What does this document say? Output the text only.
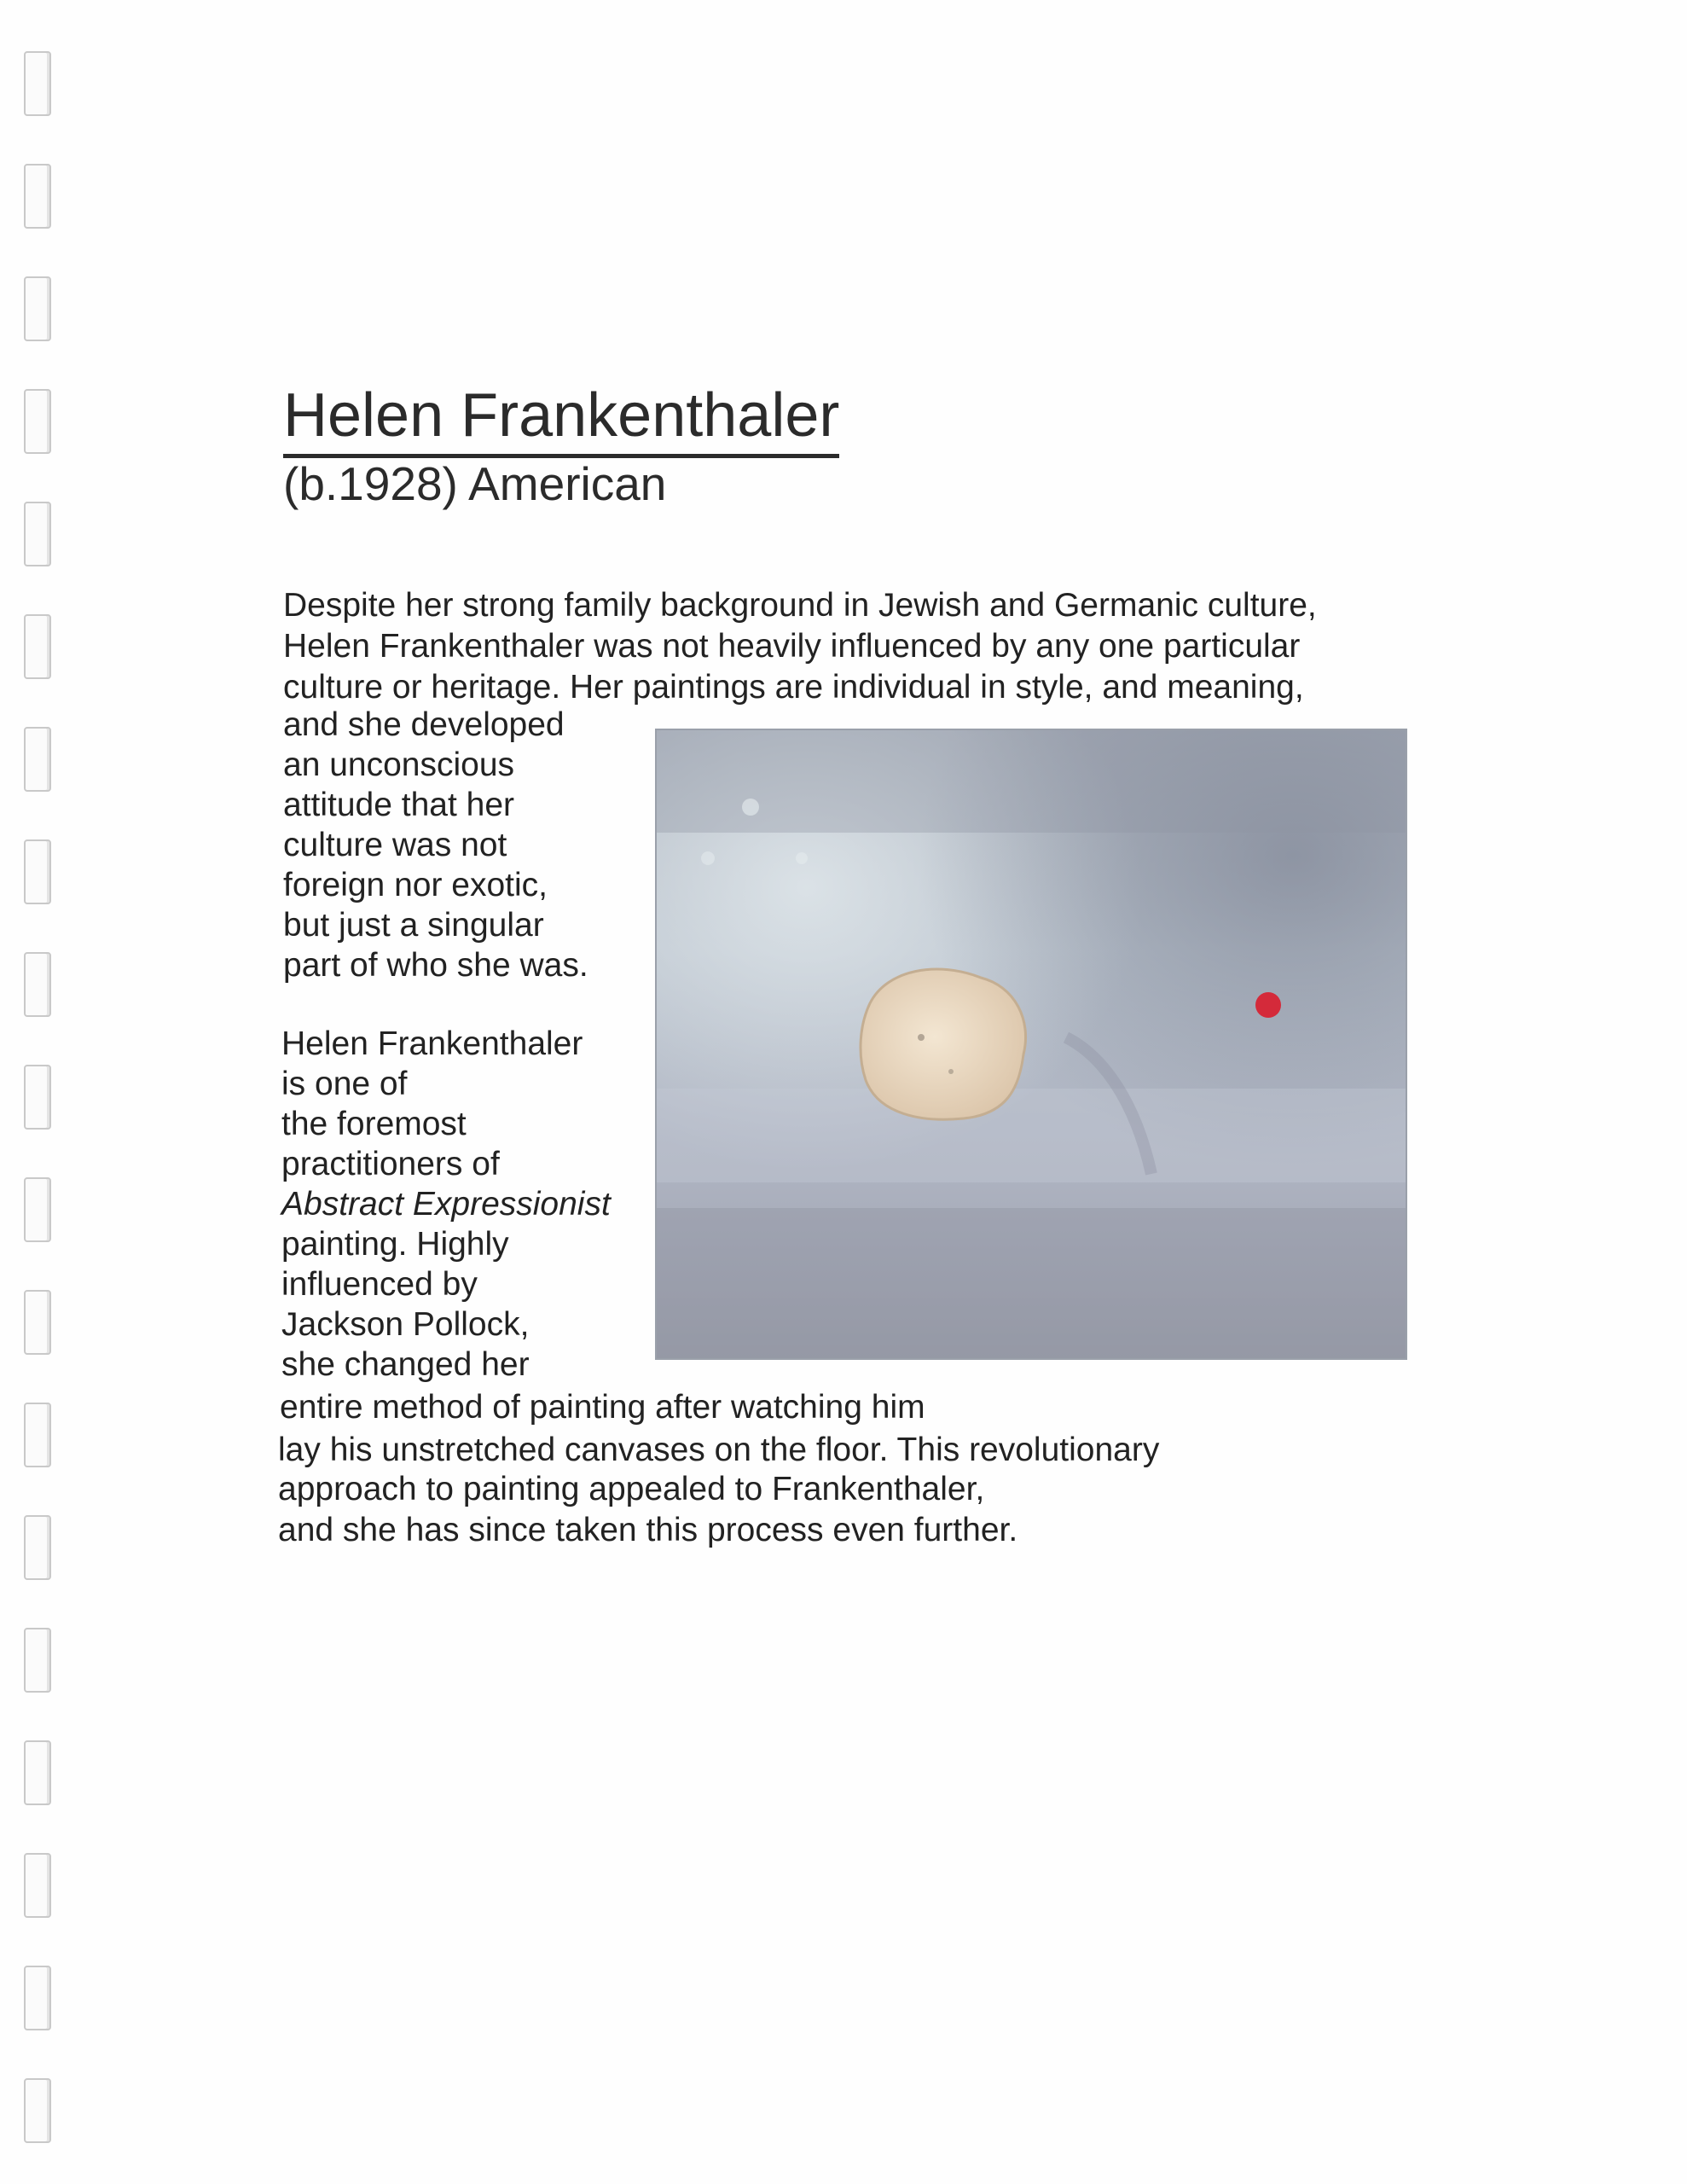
Helen Frankenthaler
(b.1928) American
Despite her strong family background in Jewish and Germanic culture,
Helen Frankenthaler was not heavily influenced by any one particular
culture or heritage. Her paintings are individual in style, and meaning,
and she developed
an unconscious
attitude that her
culture was not
foreign nor exotic,
but just a singular
part of who she was.
Helen Frankenthaler
is one of
the foremost
practitioners of
Abstract Expressionist
painting. Highly
influenced by
Jackson Pollock,
she changed her
entire method of painting after watching him
lay his unstretched canvases on the floor. This revolutionary
approach to painting appealed to Frankenthaler,
and she has since taken this process even further.
